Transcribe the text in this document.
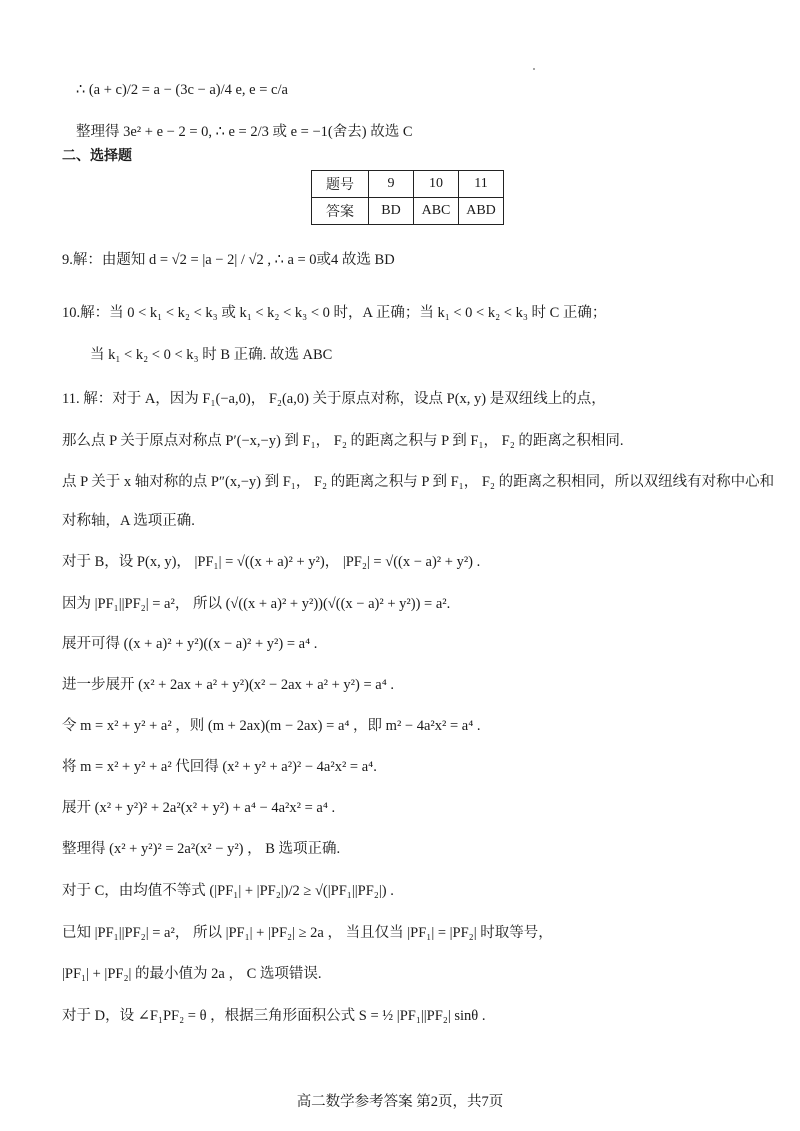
∴ (a + c)/2 = a − (3c − a)/4 e, e = c/a
整理得 3e² + e − 2 = 0, ∴ e = 2/3 或 e = −1(舍去) 故选 C
二、选择题
题号	9	10	11
答案	BD	ABC	ABD
9.解：由题知 d = √2 = |a − 2| / √2 , ∴ a = 0或4 故选 BD
10.解：当 0 < k₁ < k₂ < k₃ 或 k₁ < k₂ < k₃ < 0 时，A 正确；当 k₁ < 0 < k₂ < k₃ 时 C 正确；
当 k₁ < k₂ < 0 < k₃ 时 B 正确. 故选 ABC
11. 解：对于 A，因为 F₁(−a,0)， F₂(a,0) 关于原点对称，设点 P(x, y) 是双纽线上的点，
那么点 P 关于原点对称点 P′(−x,−y) 到 F₁， F₂ 的距离之积与 P 到 F₁， F₂ 的距离之积相同.
点 P 关于 x 轴对称的点 P″(x,−y) 到 F₁， F₂ 的距离之积与 P 到 F₁， F₂ 的距离之积相同，所以双纽线有对称中心和
对称轴，A 选项正确.
对于 B，设 P(x, y)， |PF₁| = √((x + a)² + y²)， |PF₂| = √((x − a)² + y²) .
因为 |PF₁||PF₂| = a²， 所以 (√((x + a)² + y²))(√((x − a)² + y²)) = a².
展开可得 ((x + a)² + y²)((x − a)² + y²) = a⁴ .
进一步展开 (x² + 2ax + a² + y²)(x² − 2ax + a² + y²) = a⁴ .
令 m = x² + y² + a² ，则 (m + 2ax)(m − 2ax) = a⁴ ，即 m² − 4a²x² = a⁴ .
将 m = x² + y² + a² 代回得 (x² + y² + a²)² − 4a²x² = a⁴.
展开 (x² + y²)² + 2a²(x² + y²) + a⁴ − 4a²x² = a⁴ .
整理得 (x² + y²)² = 2a²(x² − y²) ， B 选项正确.
对于 C，由均值不等式 (|PF₁| + |PF₂|)/2 ≥ √(|PF₁||PF₂|) .
已知 |PF₁||PF₂| = a²， 所以 |PF₁| + |PF₂| ≥ 2a ， 当且仅当 |PF₁| = |PF₂| 时取等号，
|PF₁| + |PF₂| 的最小值为 2a ， C 选项错误.
对于 D，设 ∠F₁PF₂ = θ ，根据三角形面积公式 S = ½ |PF₁||PF₂| sinθ .
高二数学参考答案 第2页，共7页
